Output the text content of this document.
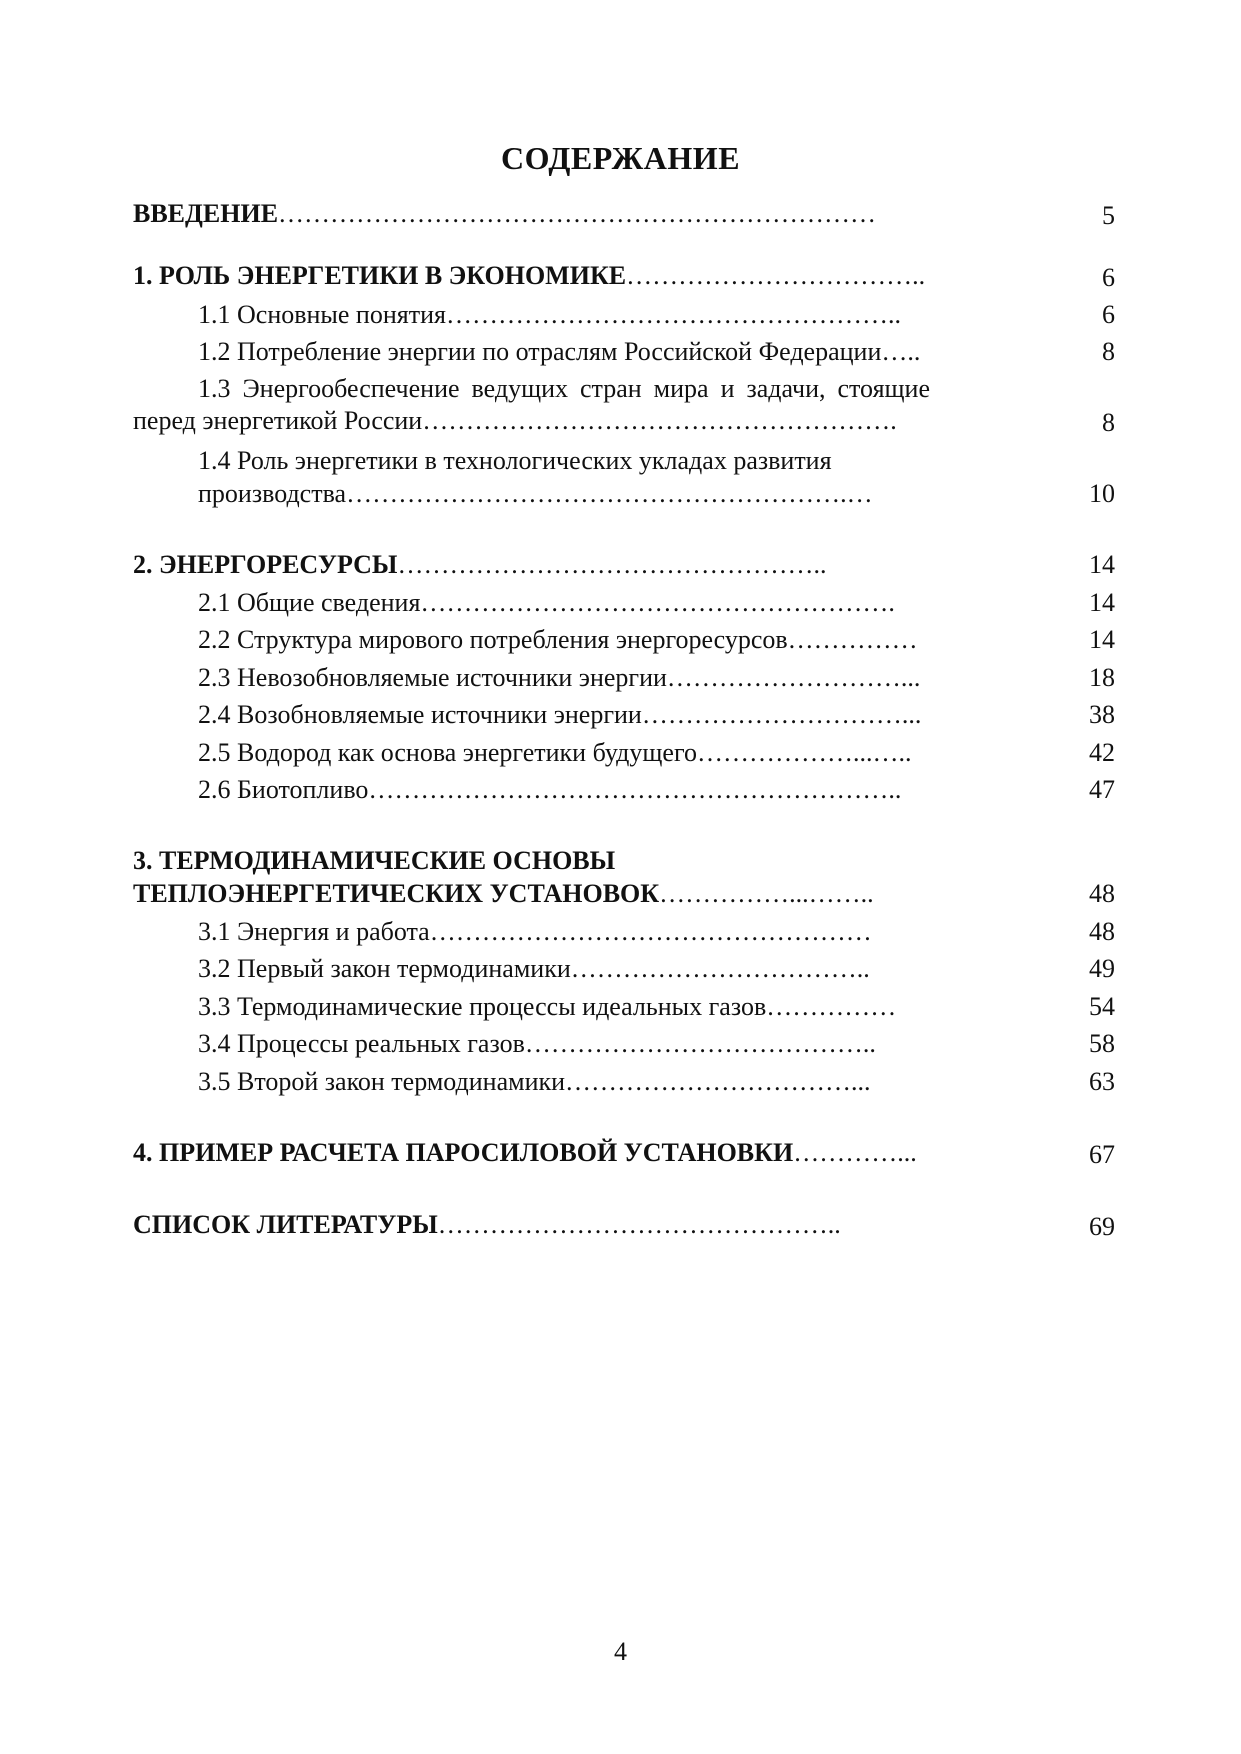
СОДЕРЖАНИЕ
ВВЕДЕНИЕ……………………………………………………………	5
1. РОЛЬ ЭНЕРГЕТИКИ В ЭКОНОМИКЕ……………………………..	6
1.1 Основные понятия……………………………………………..	6
1.2 Потребление энергии по отраслям Российской Федерации…..	8
1.3 Энергообеспечение ведущих стран мира и задачи, стоящие
перед энергетикой России……………………………………………….	8
1.4 Роль энергетики в технологических укладах развития
производства………………………………………………….…	10
2. ЭНЕРГОРЕСУРСЫ…………………………………………..	14
2.1 Общие сведения……………………………………………….	14
2.2 Структура мирового потребления энергоресурсов……………	14
2.3 Невозобновляемые источники энергии………………………...	18
2.4 Возобновляемые источники энергии…………………………...	38
2.5 Водород как основа энергетики будущего………………...…..	42
2.6 Биотопливо……………………………………………………..	47
3. ТЕРМОДИНАМИЧЕСКИЕ ОСНОВЫ
ТЕПЛОЭНЕРГЕТИЧЕСКИХ УСТАНОВОК……………...……..	48
3.1 Энергия и работа……………………………………………	48
3.2 Первый закон термодинамики……………………………..	49
3.3 Термодинамические процессы идеальных газов……………	54
3.4 Процессы реальных газов…………………………………..	58
3.5 Второй закон термодинамики……………………………...	63
4. ПРИМЕР РАСЧЕТА ПАРОСИЛОВОЙ УСТАНОВКИ…………...	67
СПИСОК ЛИТЕРАТУРЫ………………………………………..	69
4
